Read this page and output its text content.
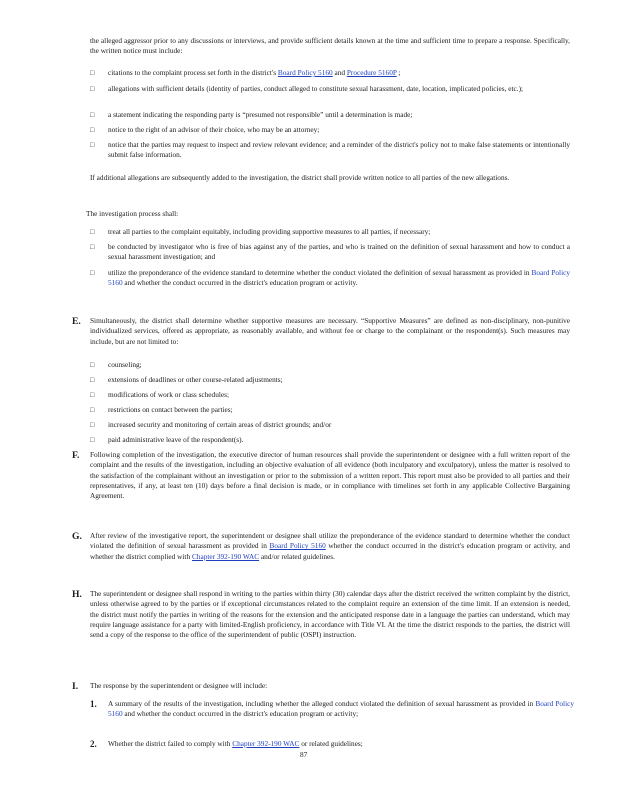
the alleged aggressor prior to any discussions or interviews, and provide sufficient details known at the time and sufficient time to prepare a response. Specifically, the written notice must include:
□ citations to the complaint process set forth in the district's Board Policy 5160 and Procedure 5160P ;
□ allegations with sufficient details (identity of parties, conduct alleged to constitute sexual harassment, date, location, implicated policies, etc.);
□ a statement indicating the responding party is “presumed not responsible” until a determination is made;
□ notice to the right of an advisor of their choice, who may be an attorney;
□ notice that the parties may request to inspect and review relevant evidence; and a reminder of the district's policy not to make false statements or intentionally submit false information.
If additional allegations are subsequently added to the investigation, the district shall provide written notice to all parties of the new allegations.
The investigation process shall:
□ treat all parties to the complaint equitably, including providing supportive measures to all parties, if necessary;
□ be conducted by investigator who is free of bias against any of the parties, and who is trained on the definition of sexual harassment and how to conduct a sexual harassment investigation; and
□ utilize the preponderance of the evidence standard to determine whether the conduct violated the definition of sexual harassment as provided in Board Policy 5160 and whether the conduct occurred in the district's education program or activity.
E. Simultaneously, the district shall determine whether supportive measures are necessary. “Supportive Measures” are defined as non-disciplinary, non-punitive individualized services, offered as appropriate, as reasonably available, and without fee or charge to the complainant or the respondent(s). Such measures may include, but are not limited to:
□ counseling;
□ extensions of deadlines or other course-related adjustments;
□ modifications of work or class schedules;
□ restrictions on contact between the parties;
□ increased security and monitoring of certain areas of district grounds; and/or
□ paid administrative leave of the respondent(s).
F. Following completion of the investigation, the executive director of human resources shall provide the superintendent or designee with a full written report of the complaint and the results of the investigation, including an objective evaluation of all evidence (both inculpatory and exculpatory), unless the matter is resolved to the satisfaction of the complainant without an investigation or prior to the submission of a written report. This report must also be provided to all parties and their representatives, if any, at least ten (10) days before a final decision is made, or in compliance with timelines set forth in any applicable Collective Bargaining Agreement.
G. After review of the investigative report, the superintendent or designee shall utilize the preponderance of the evidence standard to determine whether the conduct violated the definition of sexual harassment as provided in Board Policy 5160 whether the conduct occurred in the district's education program or activity, and whether the district complied with Chapter 392-190 WAC and/or related guidelines.
H. The superintendent or designee shall respond in writing to the parties within thirty (30) calendar days after the district received the written complaint by the district, unless otherwise agreed to by the parties or if exceptional circumstances related to the complaint require an extension of the time limit. If an extension is needed, the district must notify the parties in writing of the reasons for the extension and the anticipated response date in a language the parties can understand, which may require language assistance for a party with limited-English proficiency, in accordance with Title VI. At the time the district responds to the parties, the district will send a copy of the response to the office of the superintendent of public (OSPI) instruction.
I. The response by the superintendent or designee will include:
1. A summary of the results of the investigation, including whether the alleged conduct violated the definition of sexual harassment as provided in Board Policy 5160 and whether the conduct occurred in the district's education program or activity;
2. Whether the district failed to comply with Chapter 392-190 WAC or related guidelines;
87
